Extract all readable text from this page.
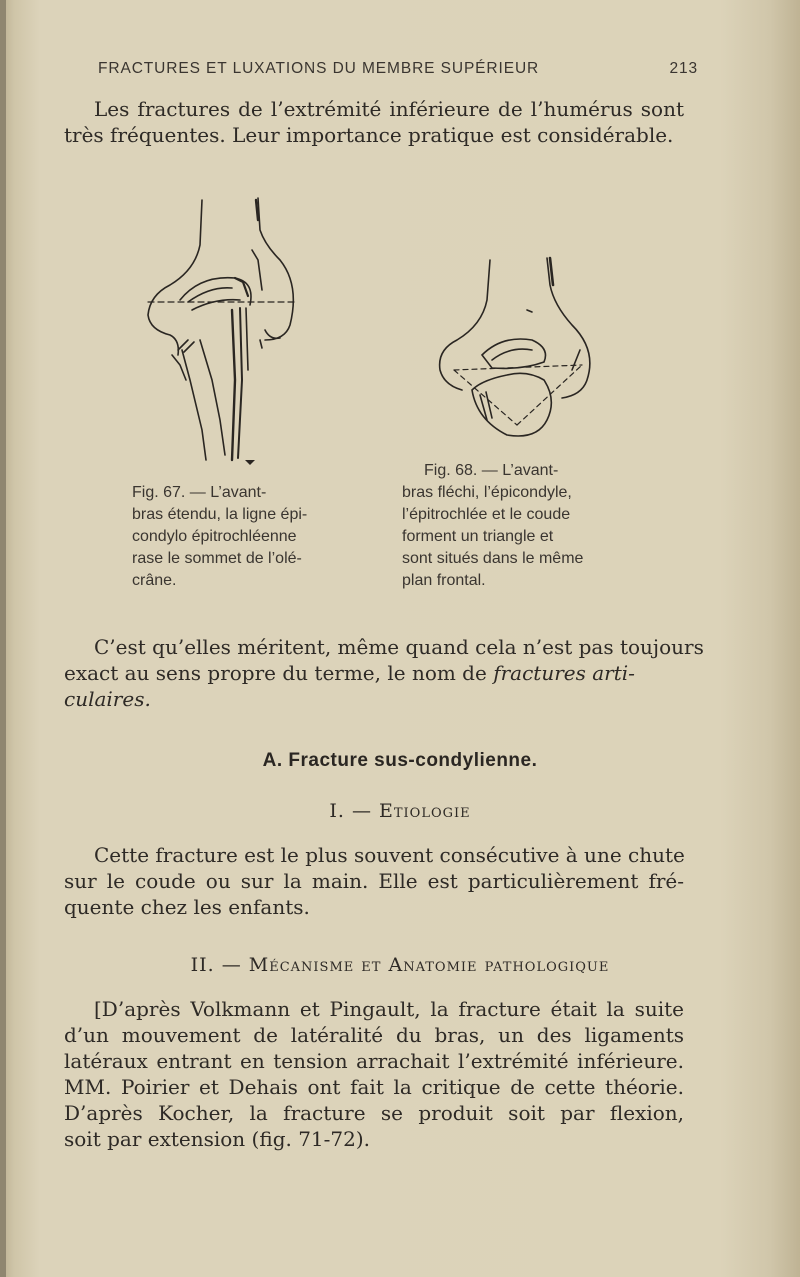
FRACTURES ET LUXATIONS DU MEMBRE SUPÉRIEUR	213
Les fractures de l’extrémité inférieure de l’humérus sont
très fréquentes. Leur importance pratique est considérable.
Fig. 67. — L’avant-
bras étendu, la ligne épi-
condylo épitrochléenne
rase le sommet de l’olé-
crâne.
Fig. 68. — L’avant-
bras fléchi, l’épicondyle,
l’épitrochlée et le coude
forment un triangle et
sont situés dans le même
plan frontal.
C’est qu’elles méritent, même quand cela n’est pas toujours
exact au sens propre du terme, le nom de fractures arti-
culaires.
A. Fracture sus-condylienne.
I. — Etiologie
Cette fracture est le plus souvent consécutive à une chute
sur le coude ou sur la main. Elle est particulièrement fré-
quente chez les enfants.
II. — Mécanisme et Anatomie pathologique
[D’après Volkmann et Pingault, la fracture était la suite
d’un mouvement de latéralité du bras, un des ligaments
latéraux entrant en tension arrachait l’extrémité inférieure.
MM. Poirier et Dehais ont fait la critique de cette théorie.
D’après Kocher, la fracture se produit soit par flexion,
soit par extension (fig. 71-72).
